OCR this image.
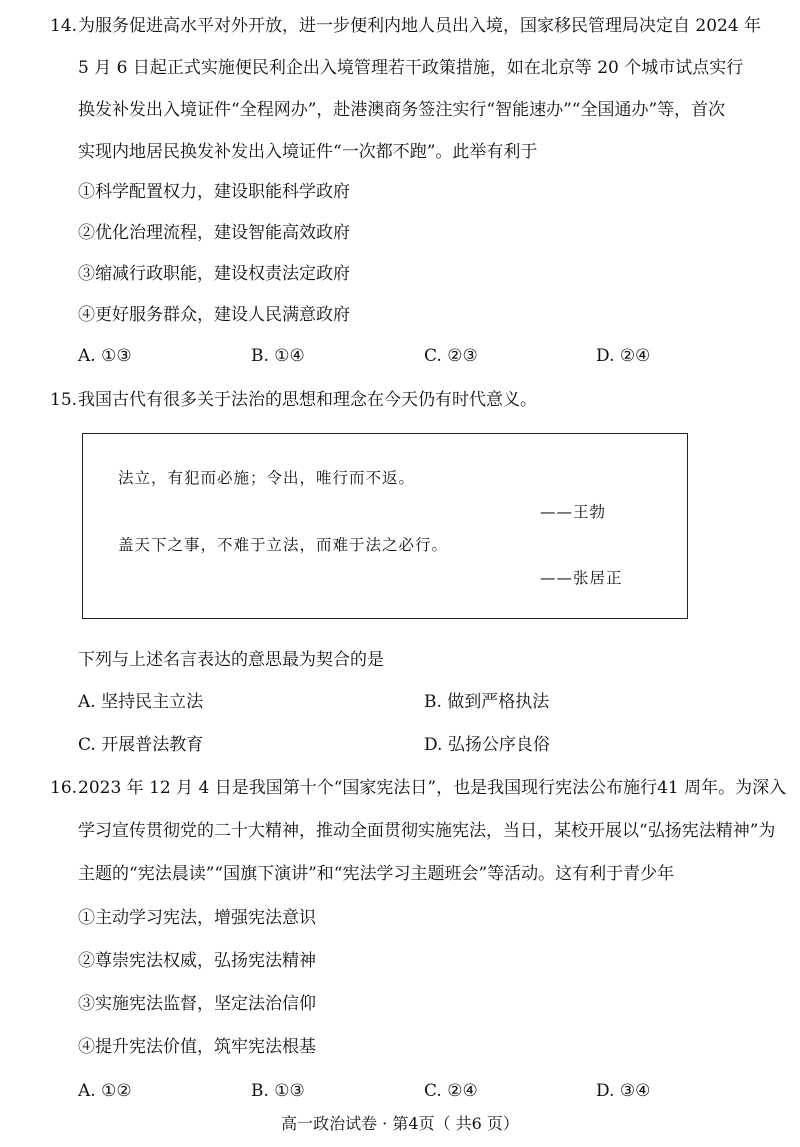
14. 为服务促进高水平对外开放，进一步便利内地人员出入境，国家移民管理局决定自 2024 年
5 月 6 日起正式实施便民利企出入境管理若干政策措施，如在北京等 20 个城市试点实行
换发补发出入境证件“全程网办”，赴港澳商务签注实行“智能速办”“全国通办”等，首次
实现内地居民换发补发出入境证件“一次都不跑”。此举有利于
①科学配置权力，建设职能科学政府
②优化治理流程，建设智能高效政府
③缩减行政职能，建设权责法定政府
④更好服务群众，建设人民满意政府
A. ①③	B. ①④	C. ②③	D. ②④
15. 我国古代有很多关于法治的思想和理念在今天仍有时代意义。
法立，有犯而必施；令出，唯行而不返。
——王勃
盖天下之事，不难于立法，而难于法之必行。
——张居正
下列与上述名言表达的意思最为契合的是
A. 坚持民主立法	B. 做到严格执法
C. 开展普法教育	D. 弘扬公序良俗
16. 2023 年 12 月 4 日是我国第十个“国家宪法日”，也是我国现行宪法公布施行41 周年。为深入
学习宣传贯彻党的二十大精神，推动全面贯彻实施宪法，当日，某校开展以“弘扬宪法精神”为
主题的“宪法晨读”“国旗下演讲”和“宪法学习主题班会”等活动。这有利于青少年
①主动学习宪法，增强宪法意识
②尊崇宪法权威，弘扬宪法精神
③实施宪法监督，坚定法治信仰
④提升宪法价值，筑牢宪法根基
A. ①②	B. ①③	C. ②④	D. ③④
高一政治试卷 · 第4页（ 共6 页）
